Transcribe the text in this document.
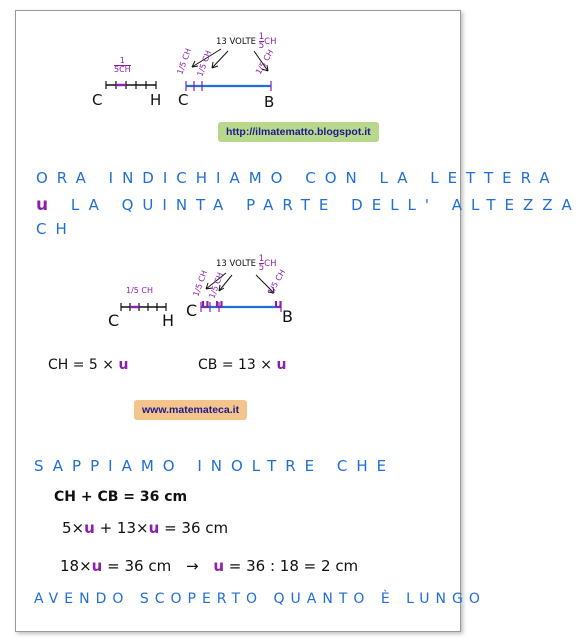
1/5 CH 1/5 CH	1/5 CH
C	H C	B
1
5CH
13 VOLTE $\frac{1}{5}$ CH
http://ilmatematto.blogspot.it
ORA INDICHIAMO CON LA LETTERA
u LA QUINTA PARTE DELL' ALTEZZA
CH
1/5 CH
1/5 CH	1/5 CH
1/5 CH
C	H
C	B
u u	u
13 VOLTE $\frac{1}{5}$ CH
CH = 5 × u	CB = 13 × u
www.matemateca.it
SAPPIAMO INOLTRE CHE
CH + CB = 36 cm
5×u + 13×u = 36 cm
18×u = 36 cm → u = 36 : 18 = 2 cm
AVENDO SCOPERTO QUANTO È LUNGO
